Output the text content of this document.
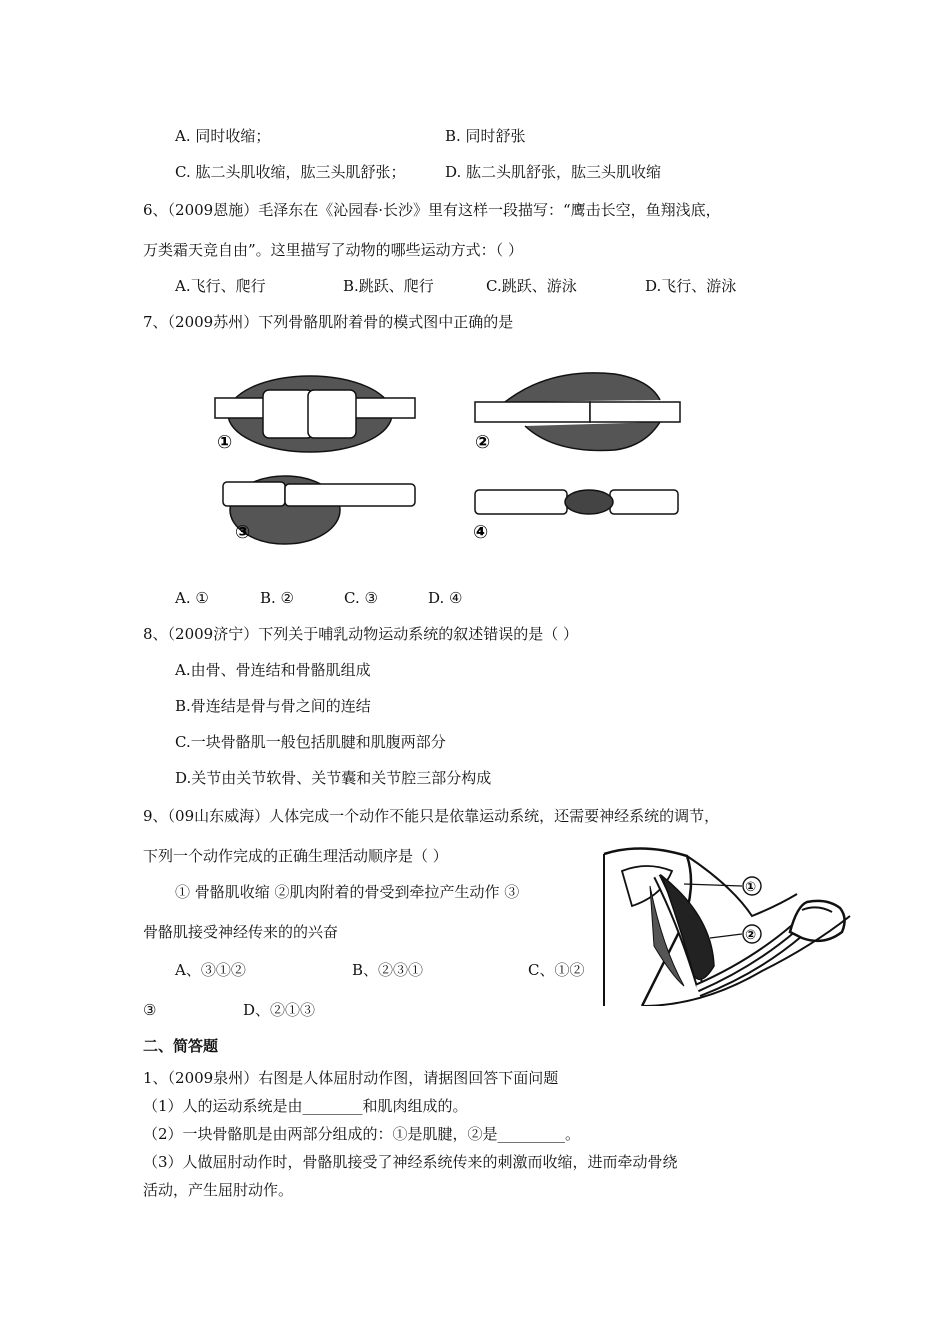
A. 同时收缩；	B. 同时舒张
C. 肱二头肌收缩，肱三头肌舒张；	D. 肱二头肌舒张，肱三头肌收缩
6、（2009恩施）毛泽东在《沁园春·长沙》里有这样一段描写：“鹰击长空，鱼翔浅底，
万类霜天竞自由”。这里描写了动物的哪些运动方式：（ ）
A.飞行、爬行	B.跳跃、爬行	C.跳跃、游泳	D.飞行、游泳
7、（2009苏州）下列骨骼肌附着骨的模式图中正确的是
①	②
③	④
A. ①	B. ②	C. ③	D. ④
8、（2009济宁）下列关于哺乳动物运动系统的叙述错误的是（ ）
A.由骨、骨连结和骨骼肌组成
B.骨连结是骨与骨之间的连结
C.一块骨骼肌一般包括肌腱和肌腹两部分
D.关节由关节软骨、关节囊和关节腔三部分构成
9、（09山东威海）人体完成一个动作不能只是依靠运动系统，还需要神经系统的调节，
下列一个动作完成的正确生理活动顺序是（ ）
① 骨骼肌收缩 ②肌肉附着的骨受到牵拉产生动作 ③
骨骼肌接受神经传来的的兴奋
A、③①②	B、②③①	C、①②
③	D、②①③
①
②
二、简答题
1、（2009泉州）右图是人体屈肘动作图，请据图回答下面问题
（1）人的运动系统是由________和肌肉组成的。
（2）一块骨骼肌是由两部分组成的：①是肌腱，②是_________。
（3）人做屈肘动作时，骨骼肌接受了神经系统传来的刺激而收缩，进而牵动骨绕
活动，产生屈肘动作。
